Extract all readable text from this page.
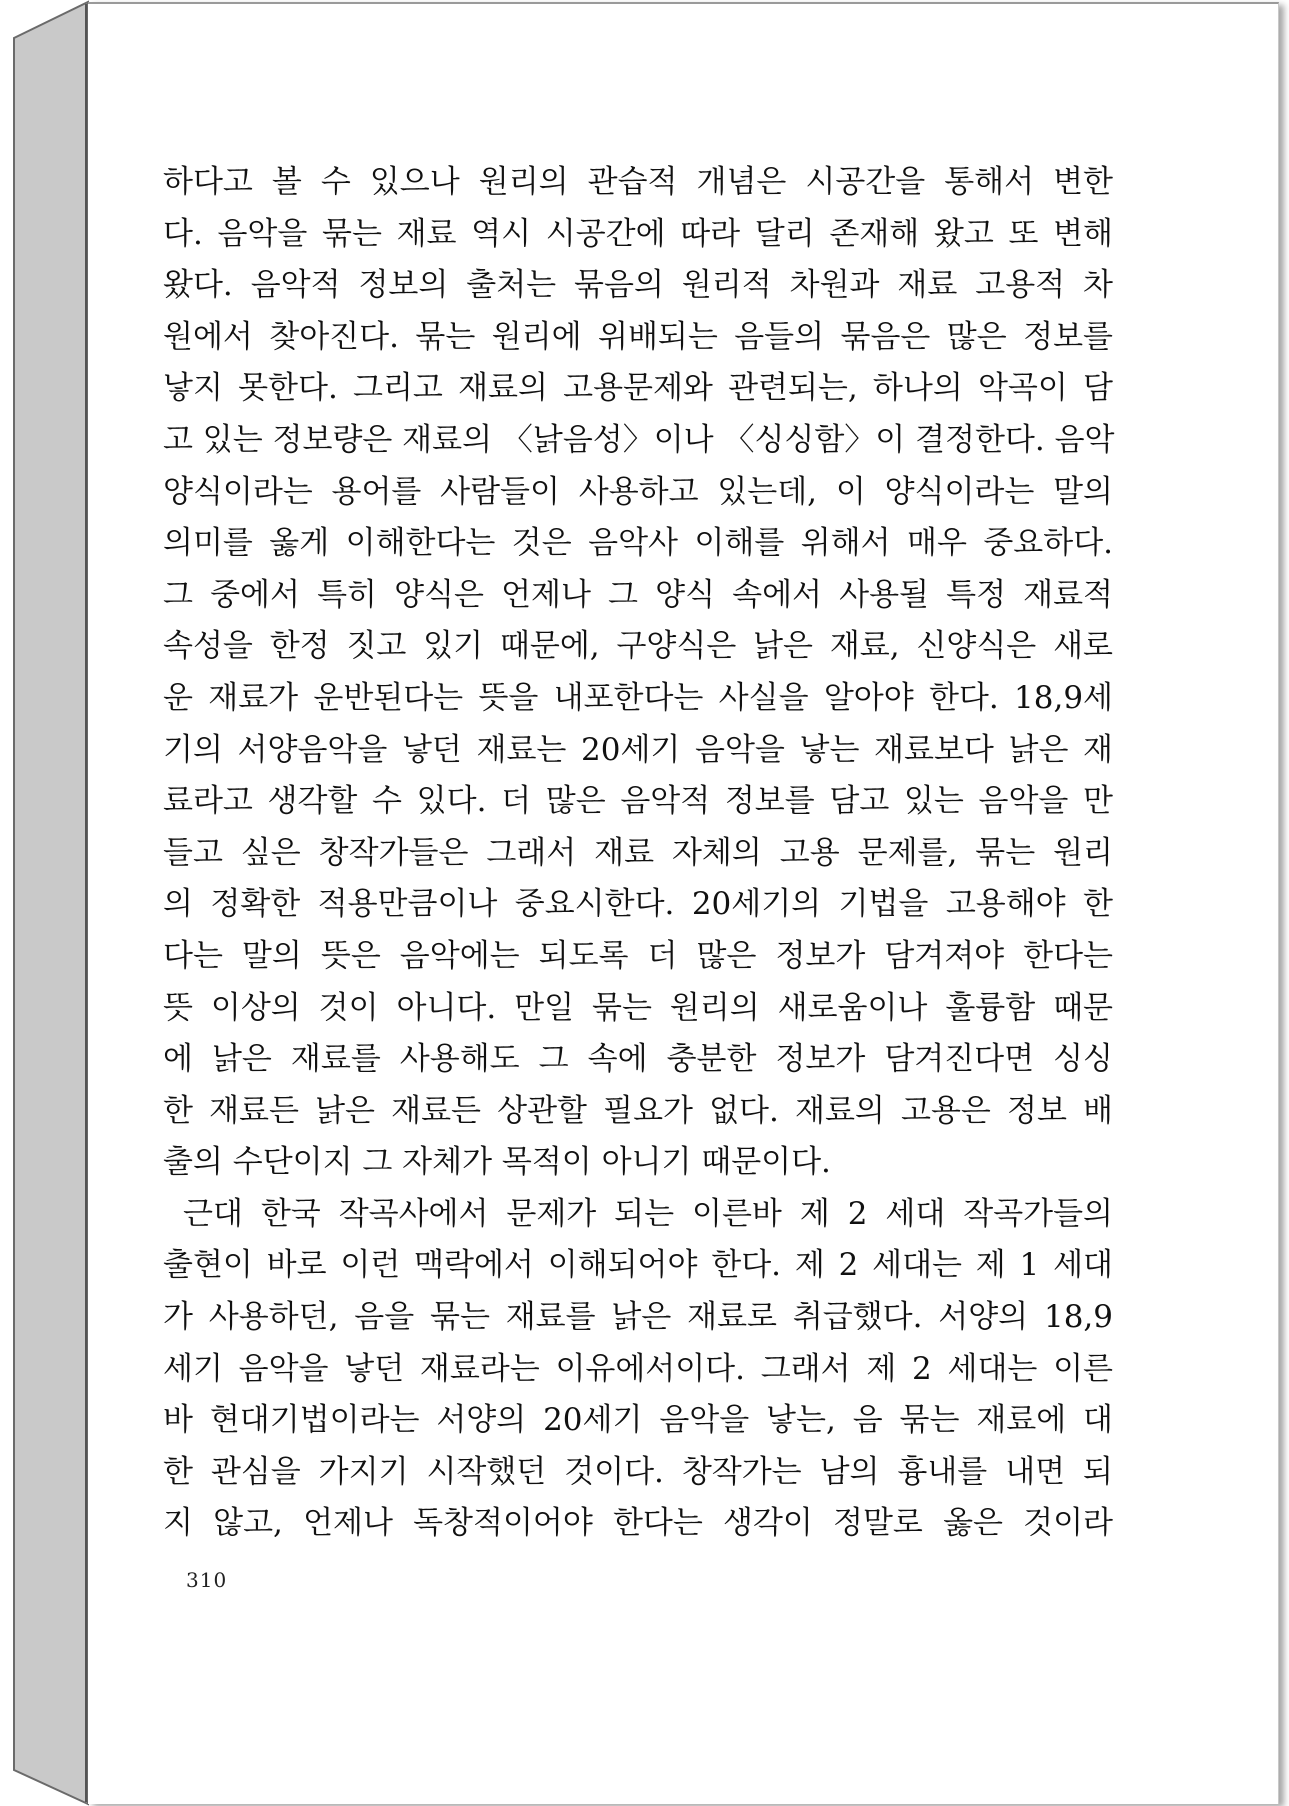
하다고 볼 수 있으나 원리의 관습적 개념은 시공간을 통해서 변한
다. 음악을 묶는 재료 역시 시공간에 따라 달리 존재해 왔고 또 변해
왔다. 음악적 정보의 출처는 묶음의 원리적 차원과 재료 고용적 차
원에서 찾아진다. 묶는 원리에 위배되는 음들의 묶음은 많은 정보를
낳지 못한다. 그리고 재료의 고용문제와 관련되는, 하나의 악곡이 담
고 있는 정보량은 재료의 〈낡음성〉이나 〈싱싱함〉이 결정한다. 음악
양식이라는 용어를 사람들이 사용하고 있는데, 이 양식이라는 말의
의미를 옳게 이해한다는 것은 음악사 이해를 위해서 매우 중요하다.
그 중에서 특히 양식은 언제나 그 양식 속에서 사용될 특정 재료적
속성을 한정 짓고 있기 때문에, 구양식은 낡은 재료, 신양식은 새로
운 재료가 운반된다는 뜻을 내포한다는 사실을 알아야 한다. 18,9세
기의 서양음악을 낳던 재료는 20세기 음악을 낳는 재료보다 낡은 재
료라고 생각할 수 있다. 더 많은 음악적 정보를 담고 있는 음악을 만
들고 싶은 창작가들은 그래서 재료 자체의 고용 문제를, 묶는 원리
의 정확한 적용만큼이나 중요시한다. 20세기의 기법을 고용해야 한
다는 말의 뜻은 음악에는 되도록 더 많은 정보가 담겨져야 한다는
뜻 이상의 것이 아니다. 만일 묶는 원리의 새로움이나 훌륭함 때문
에 낡은 재료를 사용해도 그 속에 충분한 정보가 담겨진다면 싱싱
한 재료든 낡은 재료든 상관할 필요가 없다. 재료의 고용은 정보 배
출의 수단이지 그 자체가 목적이 아니기 때문이다.
근대 한국 작곡사에서 문제가 되는 이른바 제 2 세대 작곡가들의
출현이 바로 이런 맥락에서 이해되어야 한다. 제 2 세대는 제 1 세대
가 사용하던, 음을 묶는 재료를 낡은 재료로 취급했다. 서양의 18,9
세기 음악을 낳던 재료라는 이유에서이다. 그래서 제 2 세대는 이른
바 현대기법이라는 서양의 20세기 음악을 낳는, 음 묶는 재료에 대
한 관심을 가지기 시작했던 것이다. 창작가는 남의 흉내를 내면 되
지 않고, 언제나 독창적이어야 한다는 생각이 정말로 옳은 것이라
310
